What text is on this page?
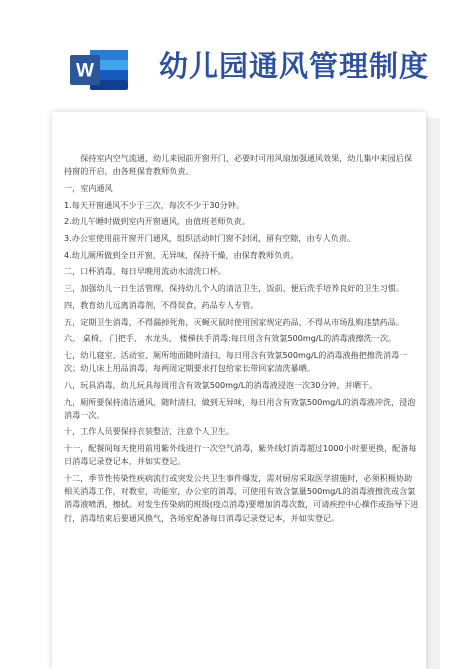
W 幼儿园通风管理制度

保持室内空气流通，幼儿来园前开窗开门，必要时可用风扇加强通风效果，幼儿集中来园后保持窗的开启，由各班保育教师负责。

一，室内通风

1.每天开窗通风不少于三次，每次不少于30分钟。

2.幼儿午睡时做到室内开窗通风，由值班老师负责。

3.办公室使用前开窗开门通风，组织活动时门窗不封闭，留有空隙，由专人负责。

4.幼儿厕所做到全日开窗，无异味，保持干燥，由保育教师负责。

二，口杯消毒，每日早晚用流动水清洗口杯。

三，加强幼儿一日生活管理，保持幼儿个人的清洁卫生，饭前、便后洗手培养良好的卫生习惯。

四，教育幼儿远离消毒剂，不得误食，药品专人专管。

五，定期卫生消毒，不得漏掉死角，灭蝇灭鼠时使用国家规定药品，不得从市场乱购违禁药品。

六、 桌椅、 门把手、 水龙头、 楼梯扶手消毒:每日用含有效氯500mg/L的消毒液擦洗一次。

七，幼儿寝室、活动室、厕所地面随时清扫，每日用含有效氯500mg/L的消毒液拖把擦洗消毒一次；幼儿床上用品消毒，每两周定期要求打包给家长带回家清洗暴晒。

八，玩具消毒，幼儿玩具每周用含有效氯500mg/L的消毒液浸泡一次30分钟，并晒干。

九，厕所要保持清洁通风，随时清扫，做到无异味，每日用含有效氯500mg/L的消毒液冲洗，浸泡消毒一次。

十，工作人员要保持衣装整洁，注意个人卫生。

十一，配餐间每天使用前用紫外线进行一次空气消毒，紫外线灯消毒超过1000小时要更换，配备每日消毒记录登记本，并如实登记。

十二，季节性传染性疾病流行或突发公共卫生事件爆发，需对厨房采取医学措施时，必须积极协助相关消毒工作，对教室，功能室，办公室的消毒，可使用有效含氯量500mg/L的消毒液擦洗或含氯消毒液喷洒，擦拭。对发生传染病的班级(疫点消毒)要增加消毒次数，可请疾控中心操作或指导下进行，消毒结束后要通风换气，各场室配备每日消毒记录登记本，并如实登记。
